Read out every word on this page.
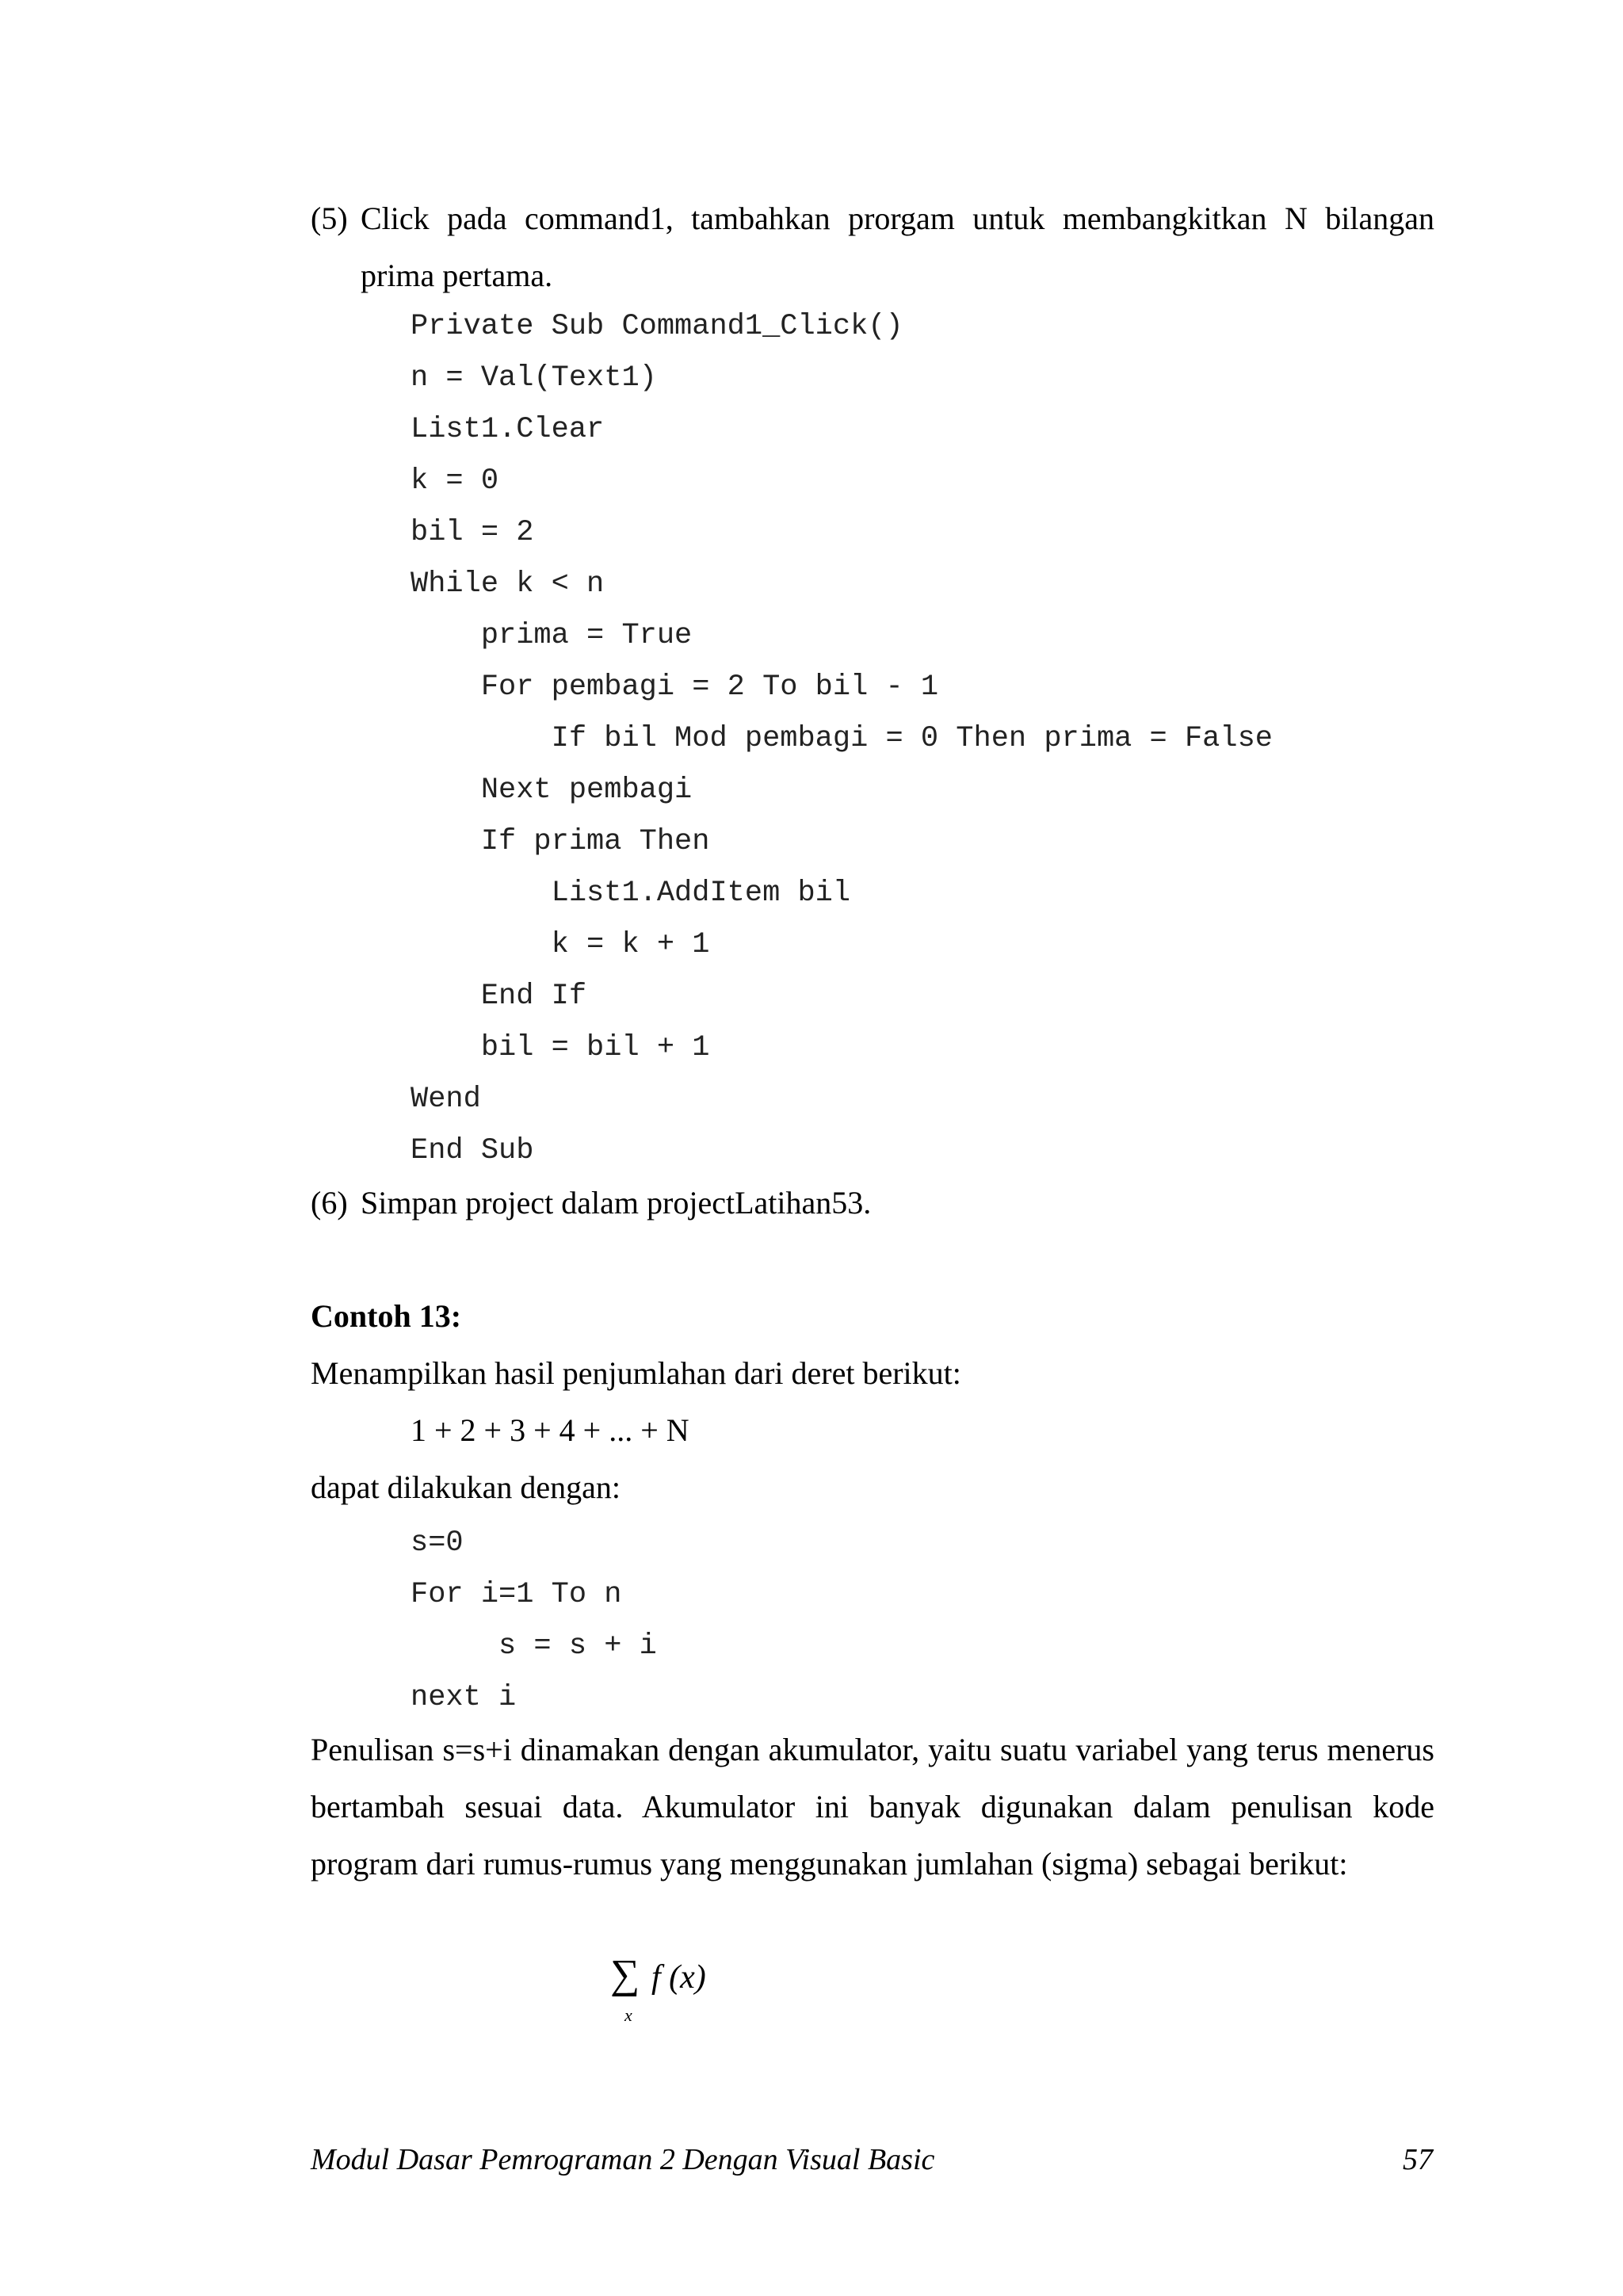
(5) Click pada command1, tambahkan prorgam untuk membangkitkan N bilangan prima pertama.
Private Sub Command1_Click()
n = Val(Text1)
List1.Clear
k = 0
bil = 2
While k < n
prima = True
For pembagi = 2 To bil - 1
If bil Mod pembagi = 0 Then prima = False
Next pembagi
If prima Then
List1.AddItem bil
k = k + 1
End If
bil = bil + 1
Wend
End Sub
(6) Simpan project dalam projectLatihan53.
Contoh 13:
Menampilkan hasil penjumlahan dari deret berikut:
1 + 2 + 3 + 4 + ... + N
dapat dilakukan dengan:
s=0
For i=1 To n
s = s + i
next i
Penulisan s=s+i dinamakan dengan akumulator, yaitu suatu variabel yang terus menerus bertambah sesuai data. Akumulator ini banyak digunakan dalam penulisan kode program dari rumus-rumus yang menggunakan jumlahan (sigma) sebagai berikut:
∑ f (x)
x
Modul Dasar Pemrograman 2 Dengan Visual Basic	57
